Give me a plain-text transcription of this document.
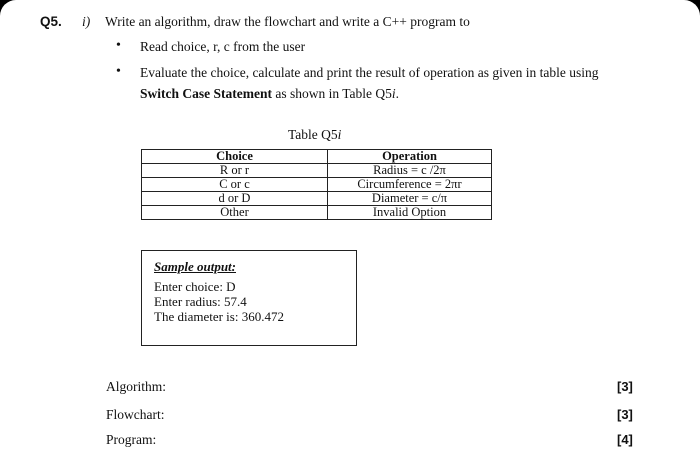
Q5. i) Write an algorithm, draw the flowchart and write a C++ program to
• Read choice, r, c from the user
• Evaluate the choice, calculate and print the result of operation as given in table using
Switch Case Statement as shown in Table Q5i.
Table Q5i
Choice	Operation
R or r	Radius = c /2π
C or c	Circumference = 2πr
d or D	Diameter = c/π
Other	Invalid Option
Sample output:
Enter choice: D
Enter radius: 57.4
The diameter is: 360.472
Algorithm:	[3]
Flowchart:	[3]
Program:	[4]
